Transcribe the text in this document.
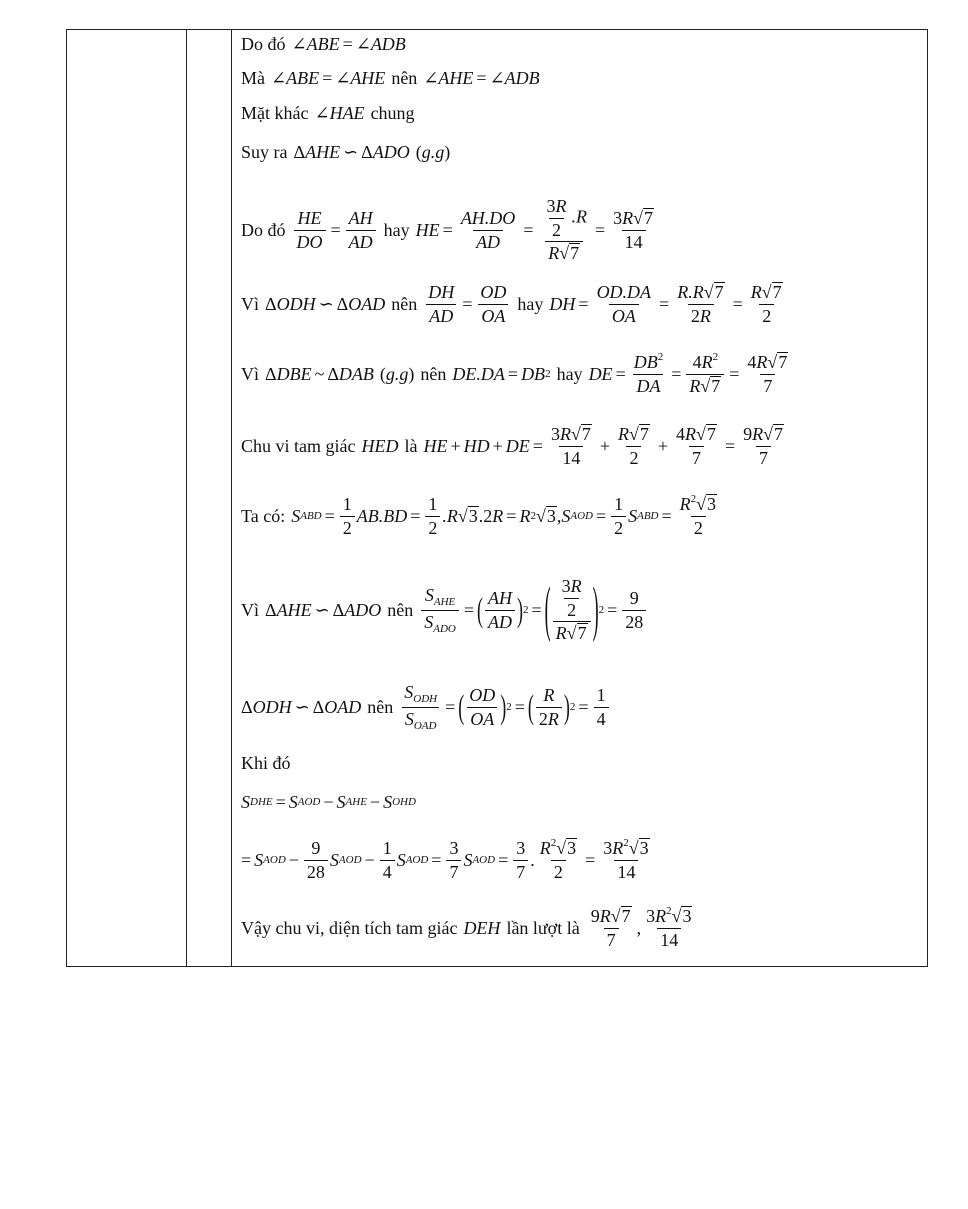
Do đó ∠ABE = ∠ADB
Mà ∠ABE = ∠AHE nên ∠AHE = ∠ADB
Mặt khác ∠HAE chung
Suy ra Δ AHE ∽ Δ ADO ( g.g )
Do đó $\frac{HE}{DO} = \frac{AH}{AD}$ hay HE = $\frac{AH.DO}{AD} = \frac{\frac{3R}{2} .R}{R √ 7} = \frac{3R √ 7}{14}$
Vì Δ ODH ∽ Δ OAD nên $\frac{DH}{AD} = \frac{OD}{OA}$ hay DH = $\frac{OD.DA}{OA} = \frac{R.R √ 7}{2R} = \frac{R √ 7}{2}$
Vì Δ DBE ~ Δ DAB ( g.g ) nên DE.DA = DB 2 hay DE = $\frac{DB^2}{DA} = \frac{4R^2}{R √ 7} = \frac{4R √ 7}{7}$
Chu vi tam giác HED là HE + HD + DE = $\frac{3R √ 7}{14} + \frac{R √ 7}{2} + \frac{4R √ 7}{7} = \frac{9R √ 7}{7}$
Ta có: S ABD = $\frac{1}{2} AB.BD = \frac{1}{2} .R$ √ 3 .2 R = R 2 √ 3 , S AOD = $\frac{1}{2}$ S ABD = $\frac{R^2 √ 3}{2}$
Vì Δ AHE ∽ Δ ADO nên $\frac{S_{AHE}}{S_{ADO}}$ = ( $\frac{AH}{AD}$ ) 2 = ( $\frac{\frac{3R}{2}}{R √ 7}$ ) $2 = \frac{9}{28}$
Δ ODH ∽ Δ OAD nên $\frac{S_{ODH}}{S_{OAD}}$ = ( $\frac{OD}{OA}$ ) 2 = ( $\frac{R}{2R}$ ) $2 = \frac{1}{4}$
Khi đó
S DHE = S AOD − S AHE − S OHD
= S AOD − $\frac{9}{28}$ S AOD − $\frac{1}{4}$ S AOD = $\frac{3}{7}$ S AOD = $\frac{3}{7}$ . $\frac{R^2 √ 3}{2} = \frac{3R^2 √ 3}{14}$
Vậy chu vi, diện tích tam giác DEH lần lượt là $\frac{9R √ 7}{7}$ , $\frac{3R^2 √ 3}{14}$
